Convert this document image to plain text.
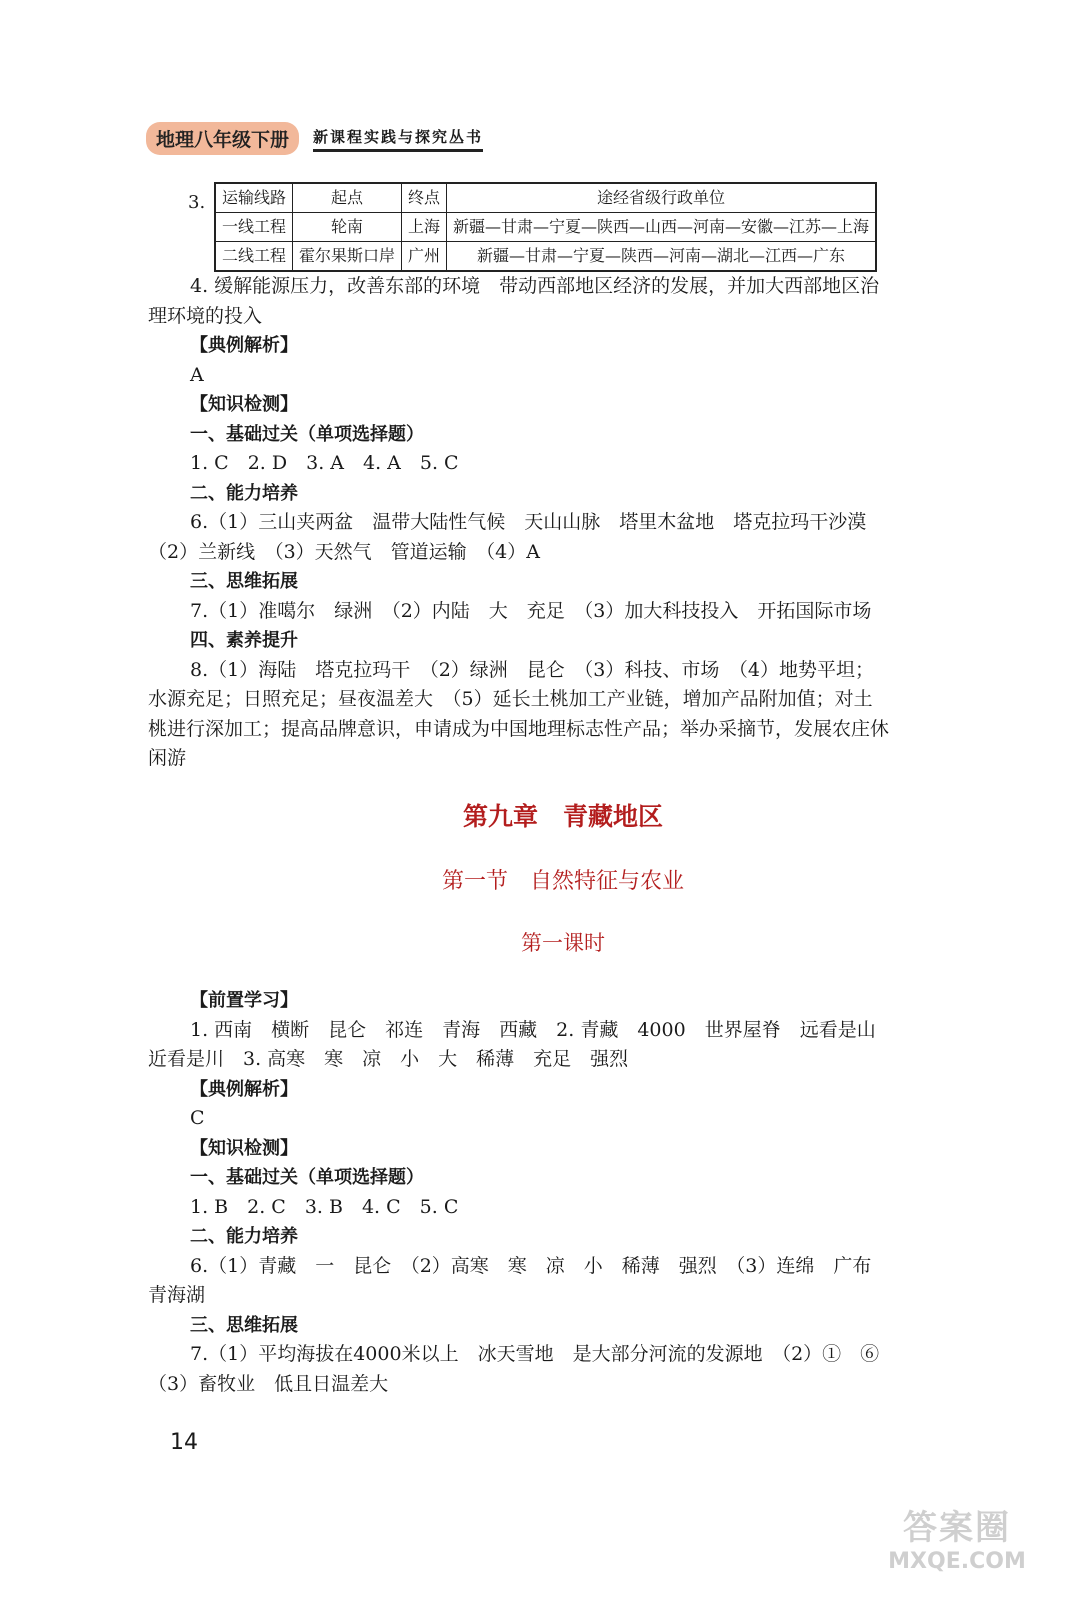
地理八年级下册	新课程实践与探究丛书
3.	运输线路	起点	终点	途经省级行政单位
一线工程	轮南	上海	新疆—甘肃—宁夏—陕西—山西—河南—安徽—江苏—上海
二线工程	霍尔果斯口岸	广州	新疆—甘肃—宁夏—陕西—河南—湖北—江西—广东

4. 缓解能源压力，改善东部的环境　带动西部地区经济的发展，并加大西部地区治

理环境的投入

【典例解析】

A

【知识检测】

一、基础过关（单项选择题）

1. C　2. D　3. A　4. A　5. C

二、能力培养

6.（1）三山夹两盆　温带大陆性气候　天山山脉　塔里木盆地　塔克拉玛干沙漠

（2）兰新线　（3）天然气　管道运输　（4）A

三、思维拓展

7.（1）准噶尔　绿洲　（2）内陆　大　充足　（3）加大科技投入　开拓国际市场

四、素养提升

8.（1）海陆　塔克拉玛干　（2）绿洲　昆仑　（3）科技、市场　（4）地势平坦；

水源充足；日照充足；昼夜温差大　（5）延长土桃加工产业链，增加产品附加值；对土

桃进行深加工；提高品牌意识，申请成为中国地理标志性产品；举办采摘节，发展农庄休

闲游

第九章　青藏地区
第一节　自然特征与农业
第一课时

【前置学习】

1. 西南　横断　昆仑　祁连　青海　西藏　2. 青藏　4000　世界屋脊　远看是山

近看是川　3. 高寒　寒　凉　小　大　稀薄　充足　强烈

【典例解析】

C

【知识检测】

一、基础过关（单项选择题）

1. B　2. C　3. B　4. C　5. C

二、能力培养

6.（1）青藏　一　昆仑　（2）高寒　寒　凉　小　稀薄　强烈　（3）连绵　广布

青海湖

三、思维拓展

7.（1）平均海拔在4000米以上　冰天雪地　是大部分河流的发源地　（2）①　⑥

（3）畜牧业　低且日温差大

14
答案圈
MXQE.COM
